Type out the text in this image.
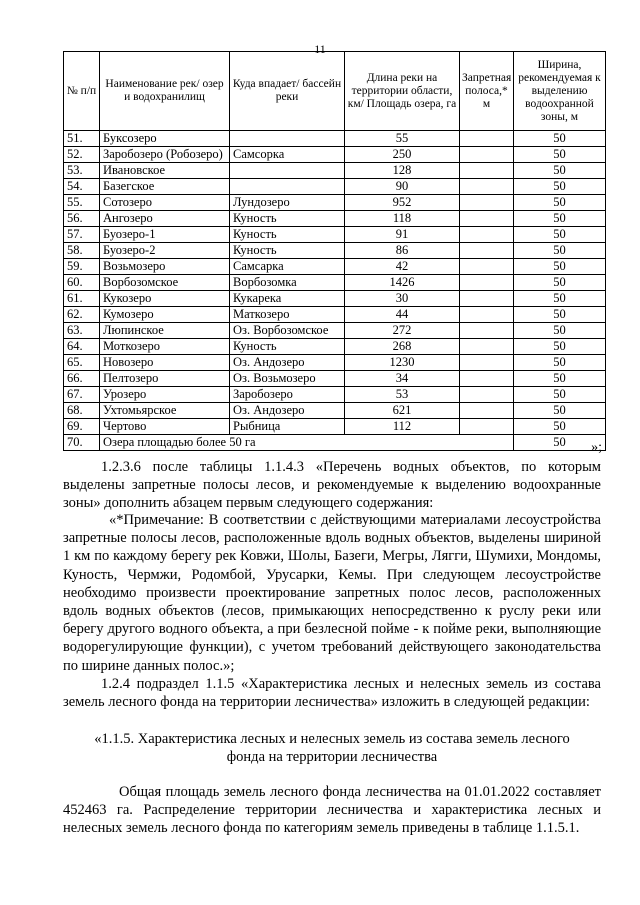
11
№ п/п	Наименование рек/ озер и водохранилищ	Куда впадает/ бассейн реки	Длина реки на территории области, км/ Площадь озера, га	Запретная полоса,* м	Ширина, рекомендуемая к выделению водоохранной зоны, м
51.	Буксозеро		55		50
52.	Заробозеро (Робозеро)	Самсорка	250		50
53.	Ивановское		128		50
54.	Базегское		90		50
55.	Сотозеро	Лундозеро	952		50
56.	Ангозеро	Куность	118		50
57.	Буозеро-1	Куность	91		50
58.	Буозеро-2	Куность	86		50
59.	Возьмозеро	Самсарка	42		50
60.	Ворбозомское	Ворбозомка	1426		50
61.	Кукозеро	Кукарека	30		50
62.	Кумозеро	Маткозеро	44		50
63.	Люпинское	Оз. Ворбозомское	272		50
64.	Моткозеро	Куность	268		50
65.	Новозеро	Оз. Андозеро	1230		50
66.	Пелтозеро	Оз. Возьмозеро	34		50
67.	Урозеро	Заробозеро	53		50
68.	Ухтомьярское	Оз. Андозеро	621		50
69.	Чертово	Рыбница	112		50
70.	Озера площадью более 50 га				50 »;

1.2.3.6 после таблицы 1.1.4.3 «Перечень водных объектов, по которым выделены запретные полосы лесов, и рекомендуемые к выделению водоохранные зоны» дополнить абзацем первым следующего содержания:

«*Примечание: В соответствии с действующими материалами лесоустройства запретные полосы лесов, расположенные вдоль водных объектов, выделены шириной 1 км по каждому берегу рек Ковжи, Шолы, Базеги, Мегры, Лягги, Шумихи, Мондомы, Куность, Чермжи, Родомбой, Урусарки, Кемы. При следующем лесоустройстве необходимо произвести проектирование запретных полос лесов, расположенных вдоль водных объектов (лесов, примыкающих непосредственно к руслу реки или берегу другого водного объекта, а при безлесной пойме - к пойме реки, выполняющие водорегулирующие функции), с учетом требований действующего законодательства по ширине данных полос.»;

1.2.4 подраздел 1.1.5 «Характеристика лесных и нелесных земель из состава земель лесного фонда на территории лесничества» изложить в следующей редакции:

«1.1.5. Характеристика лесных и нелесных земель из состава земель лесного
фонда на территории лесничества

Общая площадь земель лесного фонда лесничества на 01.01.2022 составляет 452463 га. Распределение территории лесничества и характеристика лесных и нелесных земель лесного фонда по категориям земель приведены в таблице 1.1.5.1.
